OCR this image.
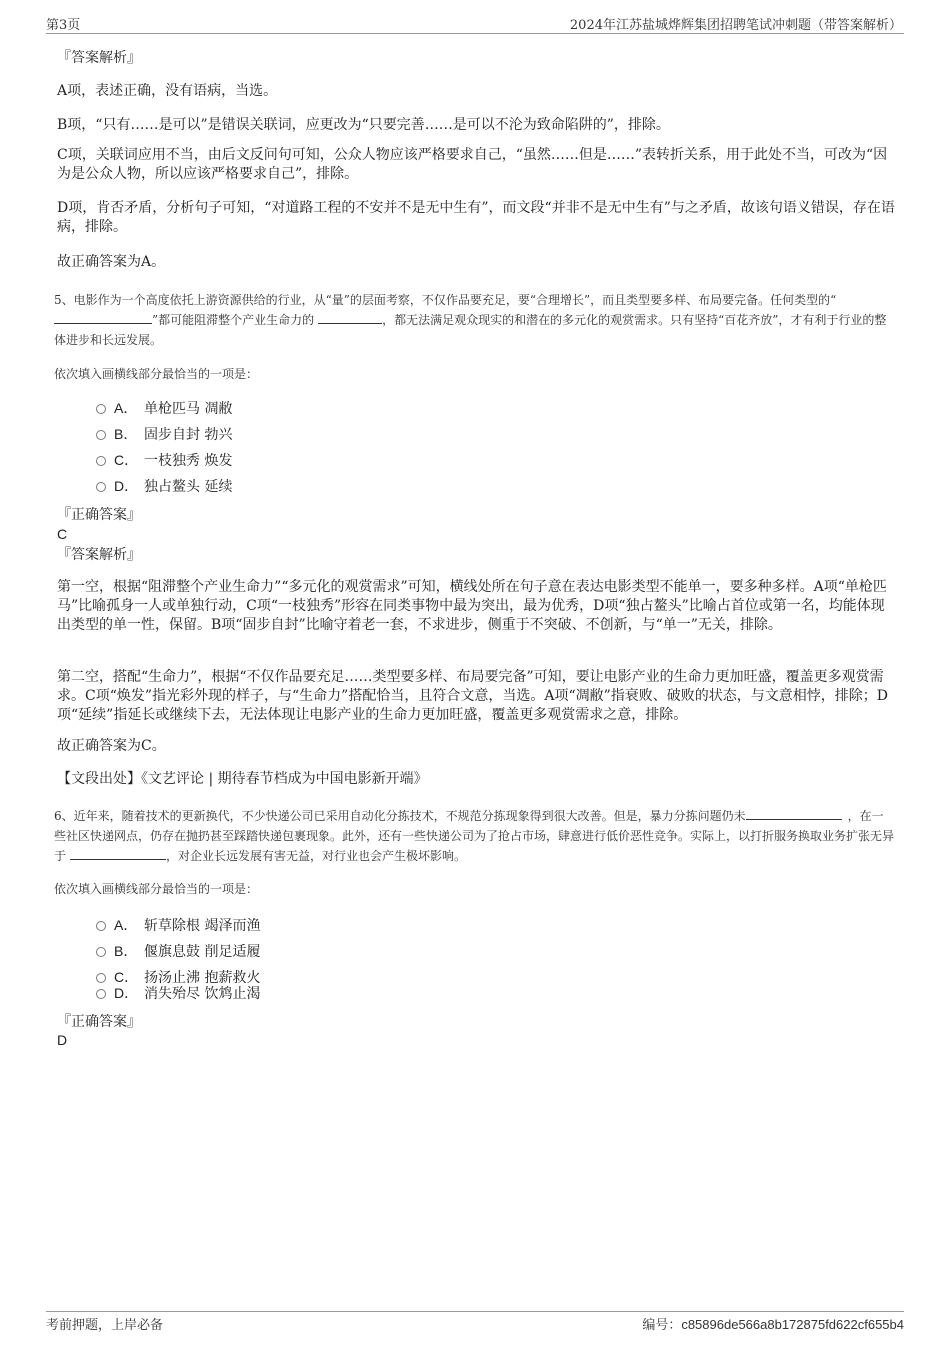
第3页	2024年江苏盐城烨辉集团招聘笔试冲刺题（带答案解析）
『答案解析』
A项，表述正确，没有语病，当选。
B项，“只有……是可以”是错误关联词，应更改为“只要完善……是可以不沦为致命陷阱的”，排除。
C项，关联词应用不当，由后文反问句可知，公众人物应该严格要求自己，“虽然……但是……”表转折关系，用于此处不当，可改为“因为是公众人物，所以应该严格要求自己”，排除。
D项，肯否矛盾，分析句子可知，“对道路工程的不安并不是无中生有”，而文段“并非不是无中生有”与之矛盾，故该句语义错误，存在语病，排除。
故正确答案为A。
5、电影作为一个高度依托上游资源供给的行业，从“量”的层面考察，不仅作品要充足，要“合理增长”，而且类型要多样、布局要完备。任何类型的“”都可能阻滞整个产业生命力的	，都无法满足观众现实的和潜在的多元化的观赏需求。只有坚持“百花齐放”，才有利于行业的整体进步和长远发展。
依次填入画横线部分最恰当的一项是：
A． 单枪匹马 凋敝
B． 固步自封 勃兴
C． 一枝独秀 焕发
D． 独占鳌头 延续
『正确答案』
C
『答案解析』
第一空，根据“阻滞整个产业生命力”“多元化的观赏需求”可知，横线处所在句子意在表达电影类型不能单一，要多种多样。A项“单枪匹马”比喻孤身一人或单独行动，C项“一枝独秀”形容在同类事物中最为突出，最为优秀，D项“独占鳌头”比喻占首位或第一名，均能体现出类型的单一性，保留。B项“固步自封”比喻守着老一套，不求进步，侧重于不突破、不创新，与“单一”无关，排除。
第二空，搭配“生命力”，根据“不仅作品要充足……类型要多样、布局要完备”可知，要让电影产业的生命力更加旺盛，覆盖更多观赏需求。C项“焕发”指光彩外现的样子，与“生命力”搭配恰当，且符合文意，当选。A项“凋敝”指衰败、破败的状态，与文意相悖，排除；D项“延续”指延长或继续下去，无法体现让电影产业的生命力更加旺盛，覆盖更多观赏需求之意，排除。
故正确答案为C。
【文段出处】《文艺评论 | 期待春节档成为中国电影新开端》
6、近年来，随着技术的更新换代，不少快递公司已采用自动化分拣技术，不规范分拣现象得到很大改善。但是，暴力分拣问题仍未	，在一些社区快递网点，仍存在抛扔甚至踩踏快递包裹现象。此外，还有一些快递公司为了抢占市场，肆意进行低价恶性竞争。实际上，以打折服务换取业务扩张无异于	，对企业长远发展有害无益，对行业也会产生极坏影响。
依次填入画横线部分最恰当的一项是：
A． 斩草除根 竭泽而渔
B． 偃旗息鼓 削足适履
C． 扬汤止沸 抱薪救火
D． 消失殆尽 饮鸩止渴
『正确答案』
D
考前押题，上岸必备	编号：c85896de566a8b172875fd622cf655b4
